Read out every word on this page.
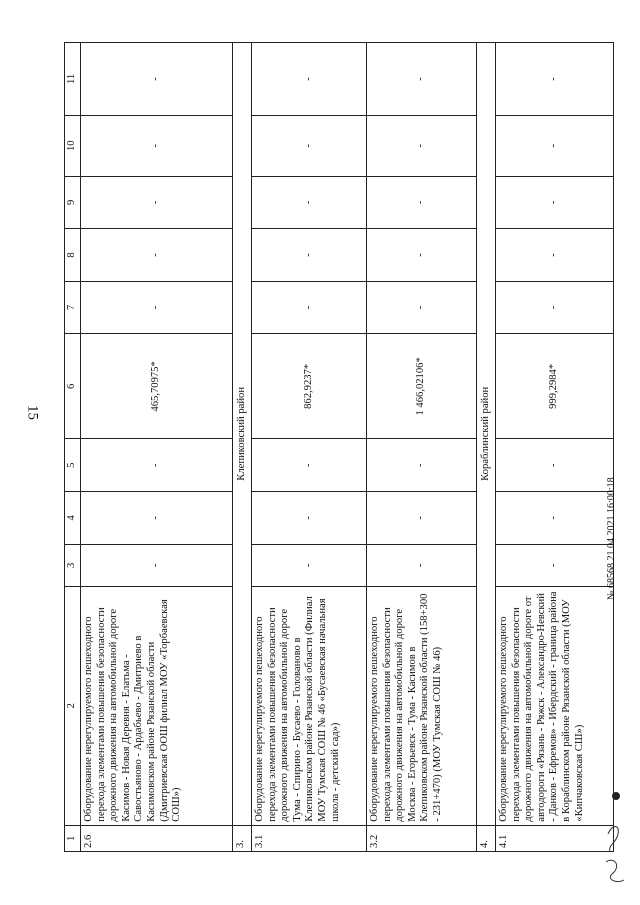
15
1	2	3	4	5	6	7	8	9	10	11
2.6	Оборудование нерегулируемого пешеходного перехода элементами повышения безопасности дорожного движения на автомобильной дороге Касимов - Новая Деревня - Елатьма - Савостьяново - Ардабьево - Дмитриево в Касимовском районе Рязанской области (Дмитриевская ООШ филиал МОУ «Торбаевская СОШ»)	-	-	-	465,70975*	-	-	-	-	-
3.	Клепиковский район									
3.1	Оборудование нерегулируемого пешеходного перехода элементами повышения безопасности дорожного движения на автомобильной дороге Тума - Спирино - Бусаево - Голованово в Клепиковском районе Рязанской области (Филиал МОУ Тумская СОШ № 46 «Бусаевская начальная школа - детский сад»)	-	-	-	862,9237*	-	-	-	-	-
3.2	Оборудование нерегулируемого пешеходного перехода элементами повышения безопасности дорожного движения на автомобильной дороге Москва - Егорьевск - Тума - Касимов в Клепиковском районе Рязанской области (158+300 - 231+470) (МОУ Тумская СОШ № 46)	-	-	-	1 466,02106*	-	-	-	-	-
4.	Кораблинский район									
4.1	Оборудование нерегулируемого пешеходного перехода элементами повышения безопасности дорожного движения на автомобильной дороге от автодороги «Рязань - Ряжск - Александро-Невский - Данков - Ефремов» - Ибердский - граница района в Кораблинском районе Рязанской области (МОУ «Кипчаковская СШ»)	-	-	-	999,2984*	-	-	-	-	-
№ 68568 21.04.2021 16:00:18
